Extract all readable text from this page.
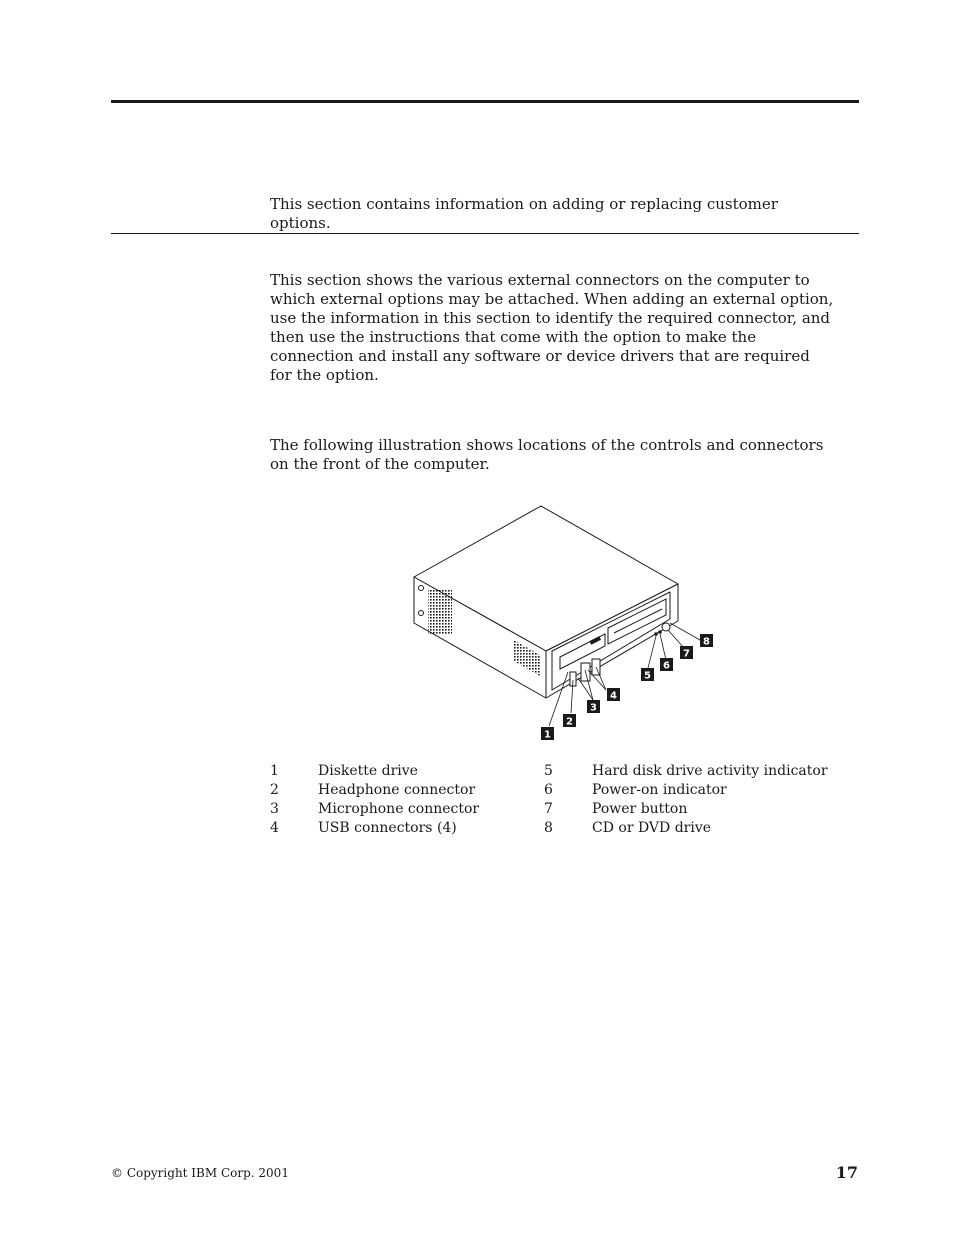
This section contains information on adding or replacing customer options.

This section shows the various external connectors on the computer to which external options may be attached. When adding an external option, use the information in this section to identify the required connector, and then use the instructions that come with the option to make the connection and install any software or device drivers that are required for the option.

The following illustration shows locations of the controls and connectors on the front of the computer.

1
2
3
4
5
6
7
8
1	Diskette drive
2	Headphone connector
3	Microphone connector
4	USB connectors (4)
5	Hard disk drive activity indicator
6	Power-on indicator
7	Power button
8	CD or DVD drive
© Copyright IBM Corp. 2001	17
